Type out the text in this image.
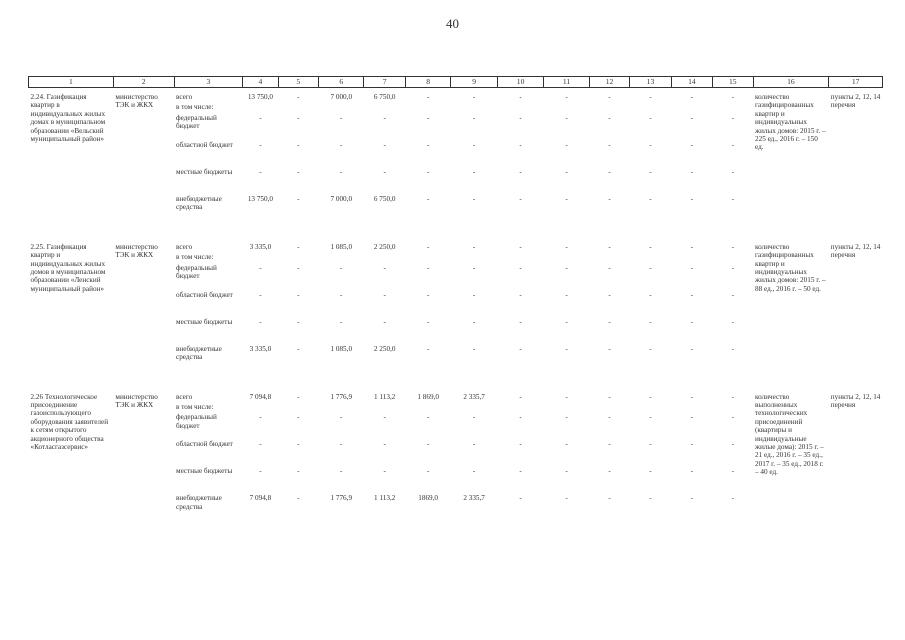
40
1	2	3	4	5	6	7	8	9	10	11	12	13	14	15	16	17
2.24. Газификация квартир в индивидуальных жилых домах в муниципальном образовании «Вельский муниципальный район»	министерство ТЭК и ЖКХ	всего	13 750,0	-	7 000,0	6 750,0	-	-	-	-	-	-	-	-	количество газифицированных квартир и индивидуальных жилых домов: 2015 г. – 225 ед., 2016 г. – 150 ед.	пункты 2, 12, 14 перечня
		в том числе:														
		федеральный бюджет	-	-	-	-	-	-	-	-	-	-	-	-		
		областной бюджет	-	-	-	-	-	-	-	-	-	-	-	-		
		местные бюджеты	-	-	-	-	-	-	-	-	-	-	-	-		
		внебюджетные средства	13 750,0	-	7 000,0	6 750,0	-	-	-	-	-	-	-	-		

2.25. Газификация квартир и индивидуальных жилых домов в муниципальном образовании «Ленский муниципальный район»	министерство ТЭК и ЖКХ	всего	3 335,0	-	1 085,0	2 250,0	-	-	-	-	-	-	-	-	количество газифицированных квартир и индивидуальных жилых домов: 2015 г. – 88 ед., 2016 г. – 50 ед.	пункты 2, 12, 14 перечня
		в том числе:														
		федеральный бюджет	-	-	-	-	-	-	-	-	-	-	-	-		
		областной бюджет	-	-	-	-	-	-	-	-	-	-	-	-		
		местные бюджеты	-	-	-	-	-	-	-	-	-	-	-	-		
		внебюджетные средства	3 335,0	-	1 085,0	2 250,0	-	-	-	-	-	-	-	-		

2.26 Технологическое присоединение газоиспользующего оборудования заявителей к сетям открытого акционерного общества «Котласгазсервис»	министерство ТЭК и ЖКХ	всего	7 094,8	-	1 776,9	1 113,2	1 869,0	2 335,7	-	-	-	-	-	-	количество выполненных технологических присоединений (квартиры и индивидуальные жилые дома): 2015 г. – 21 ед., 2016 г. – 35 ед., 2017 г. – 35 ед., 2018 г. – 40 ед.	пункты 2, 12, 14 перечня
		в том числе:														
		федеральный бюджет	-	-	-	-	-	-	-	-	-	-	-	-		
		областной бюджет	-	-	-	-	-	-	-	-	-	-	-	-		
		местные бюджеты	-	-	-	-	-	-	-	-	-	-	-	-		
		внебюджетные средства	7 094,8	-	1 776,9	1 113,2	1869,0	2 335,7	-	-	-	-	-	-		
